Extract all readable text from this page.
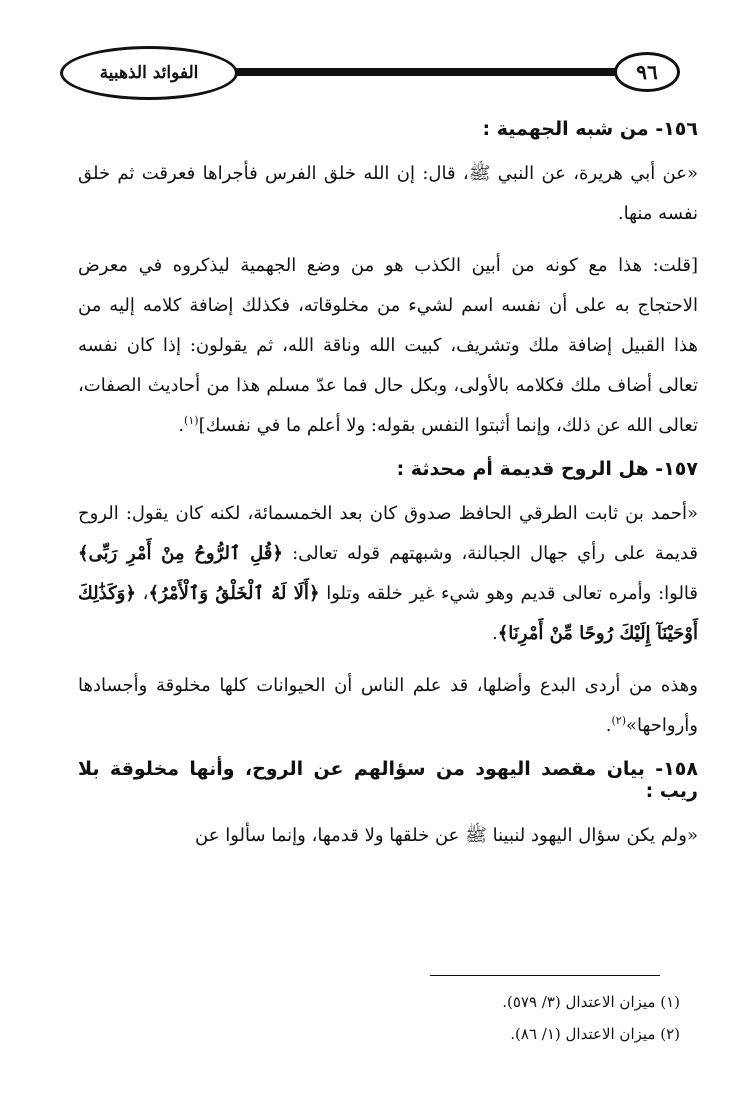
الفوائد الذهبية	٩٦
١٥٦- من شبه الجهمية :

«عن أبي هريرة، عن النبي ﷺ، قال: إن الله خلق الفرس فأجراها فعرقت ثم خلق نفسه منها.

[قلت: هذا مع كونه من أبين الكذب هو من وضع الجهمية ليذكروه في معرض الاحتجاج به على أن نفسه اسم لشيء من مخلوقاته، فكذلك إضافة كلامه إليه من هذا القبيل إضافة ملك وتشريف، كبيت الله وناقة الله، ثم يقولون: إذا كان نفسه تعالى أضاف ملك فكلامه بالأولى، وبكل حال فما عدّ مسلم هذا من أحاديث الصفات، تعالى الله عن ذلك، وإنما أثبتوا النفس بقوله: ولا أعلم ما في نفسك]$^{(١)}$.

١٥٧- هل الروح قديمة أم محدثة :

«أحمد بن ثابت الطرقي الحافظ صدوق كان بعد الخمسمائة، لكنه كان يقول: الروح قديمة على رأي جهال الجبالنة، وشبهتهم قوله تعالى: ﴿قُلِ ٱلرُّوحُ مِنْ أَمْرِ رَبِّى﴾ قالوا: وأمره تعالى قديم وهو شيء غير خلقه وتلوا ﴿أَلَا لَهُ ٱلْخَلْقُ وَٱلْأَمْرُ﴾، ﴿وَكَذَٰلِكَ أَوْحَيْنَآ إِلَيْكَ رُوحًا مِّنْ أَمْرِنَا﴾.

وهذه من أردى البدع وأضلها، قد علم الناس أن الحيوانات كلها مخلوقة وأجسادها وأرواحها»$^{(٢)}$.

١٥٨- بيان مقصد اليهود من سؤالهم عن الروح، وأنها مخلوقة بلا ريب :

«ولم يكن سؤال اليهود لنبينا ﷺ عن خلقها ولا قدمها، وإنما سألوا عن

(١) ميزان الاعتدال (٣/ ٥٧٩).
(٢) ميزان الاعتدال (١/ ٨٦).
